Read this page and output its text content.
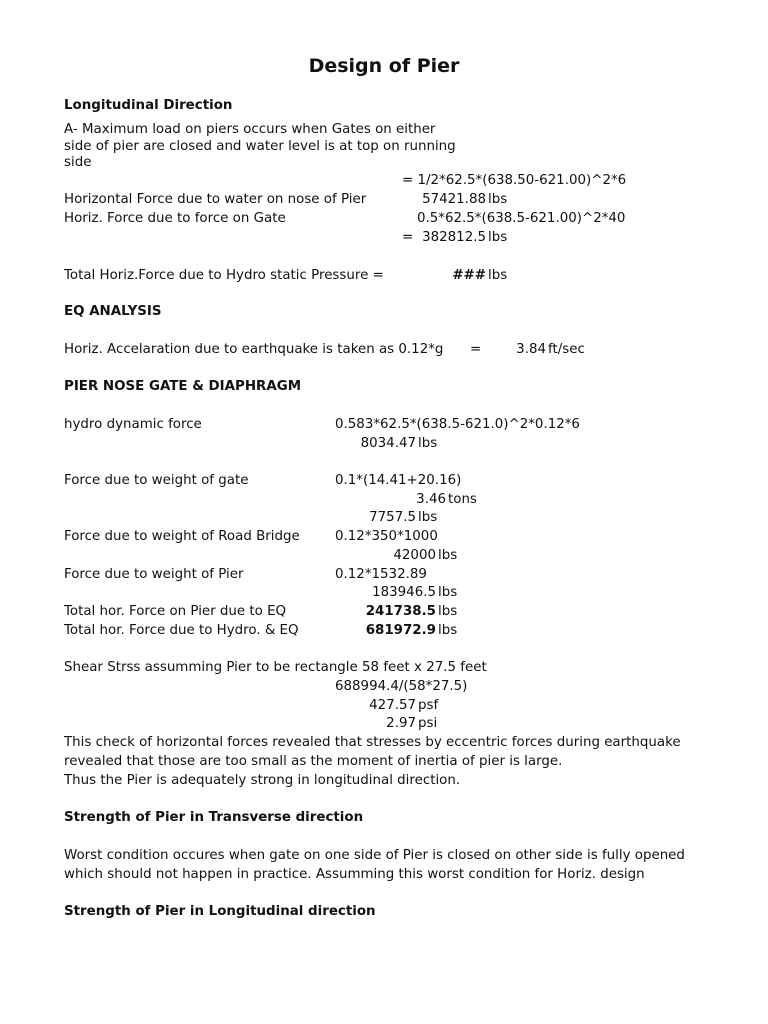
Design of Pier
Longitudinal Direction
A- Maximum load on piers occurs when Gates on either
side of pier are closed and water level is at top on running
side
= 1/2*62.5*(638.50-621.00)^2*6
Horizontal Force due to water on nose of Pier	57421.88 lbs
Horiz. Force due to force on Gate	0.5*62.5*(638.5-621.00)^2*40
= 382812.5 lbs
Total Horiz.Force due to Hydro static Pressure =	### lbs
EQ ANALYSIS
Horiz. Accelaration due to earthquake is taken as 0.12*g =	3.84 ft/sec
PIER NOSE GATE & DIAPHRAGM
hydro dynamic force	0.583*62.5*(638.5-621.0)^2*0.12*6
8034.47 lbs
Force due to weight of gate	0.1*(14.41+20.16)
3.46 tons
7757.5 lbs
Force due to weight of Road Bridge	0.12*350*1000
42000 lbs
Force due to weight of Pier	0.12*1532.89
183946.5 lbs
Total hor. Force on Pier due to EQ	241738.5 lbs
Total hor. Force due to Hydro. & EQ	681972.9 lbs
Shear Strss assumming Pier to be rectangle 58 feet x 27.5 feet
688994.4/(58*27.5)
427.57 psf
2.97 psi
This check of horizontal forces revealed that stresses by eccentric forces during earthquake
revealed that those are too small as the moment of inertia of pier is large.
Thus the Pier is adequately strong in longitudinal direction.
Strength of Pier in Transverse direction
Worst condition occures when gate on one side of Pier is closed on other side is fully opened
which should not happen in practice. Assumming this worst condition for Horiz. design
Strength of Pier in Longitudinal direction
